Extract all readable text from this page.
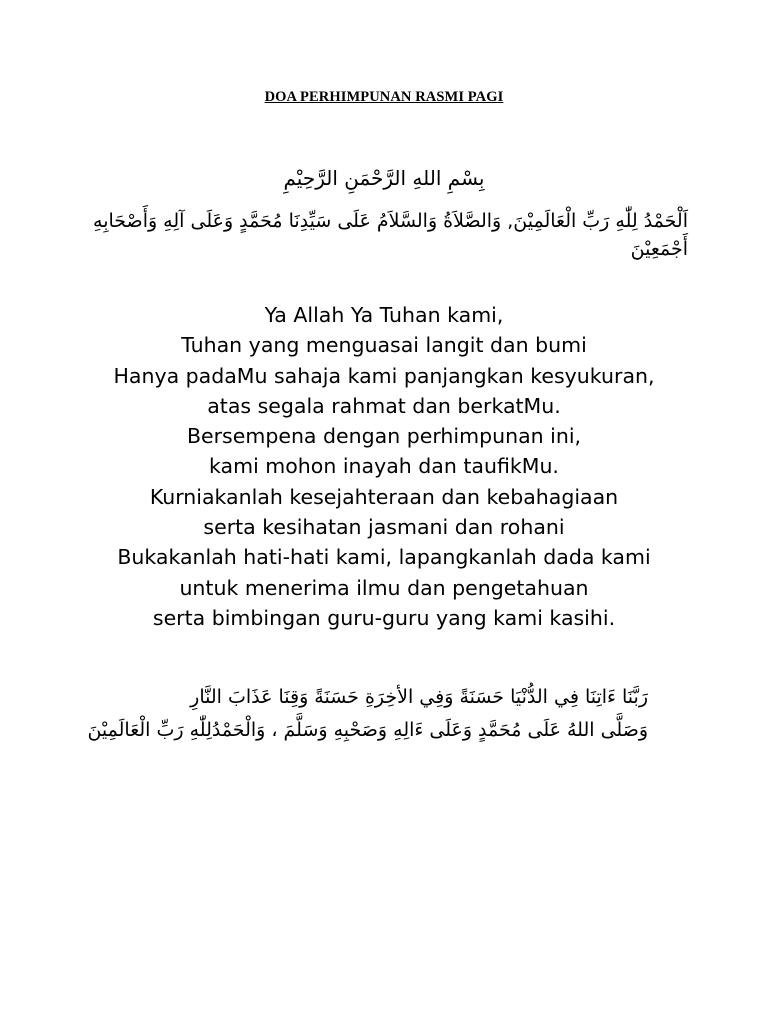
DOA PERHIMPUNAN RASMI PAGI
بِسْمِ اللهِ الرَّحْمَنِ الرَّحِيْمِ
اَلْحَمْدُ لِلّٰهِ رَبِّ الْعَالَمِيْنَ, وَالصَّلاَةُ وَالسَّلاَمُ عَلَى سَيِّدِنَا مُحَمَّدٍ وَعَلَى آلِهِ وَأَصْحَابِهِ
أَجْمَعِيْنَ
Ya Allah Ya Tuhan kami,
Tuhan yang menguasai langit dan bumi
Hanya padaMu sahaja kami panjangkan kesyukuran,
atas segala rahmat dan berkatMu.
Bersempena dengan perhimpunan ini,
kami mohon inayah dan taufikMu.
Kurniakanlah kesejahteraan dan kebahagiaan
serta kesihatan jasmani dan rohani
Bukakanlah hati-hati kami, lapangkanlah dada kami
untuk menerima ilmu dan pengetahuan
serta bimbingan guru-guru yang kami kasihi.
رَبَّنَا ءَاتِنَا فِي الدُّنْيَا حَسَنَةً وَفِي الأخِرَةِ حَسَنَةً وَقِنَا عَذَابَ النَّارِ
وَصَلَّى اللهُ عَلَى مُحَمَّدٍ وَعَلَى ءَالِهِ وَصَحْبِهِ وَسَلَّمَ ، وَالْحَمْدُلِلّٰهِ رَبِّ الْعَالَمِيْنَ
